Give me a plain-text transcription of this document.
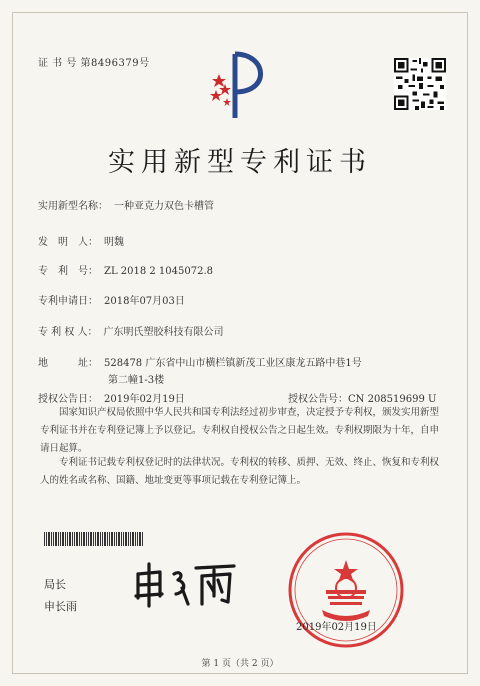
证 书 号 第8496379号
实用新型专利证书
实用新型名称： 一种亚克力双色卡槽管
发　明　人： 明魏
专　利　号： ZL 2018 2 1045072.8
专利申请日： 2018年07月03日
专 利 权 人： 广东明氏塑胶科技有限公司
地　　　址： 528478 广东省中山市横栏镇新茂工业区康龙五路中巷1号
第二幢1-3楼
授权公告日： 2019年02月19日	授权公告号：CN 208519699 U
国家知识产权局依照中华人民共和国专利法经过初步审查，决定授予专利权，颁发实用新型专利证书并在专利登记簿上予以登记。专利权自授权公告之日起生效。专利权期限为十年，自申请日起算。
专利证书记载专利权登记时的法律状况。专利权的转移、质押、无效、终止、恢复和专利权人的姓名或名称、国籍、地址变更等事项记载在专利登记簿上。
局长
申长雨
2019年02月19日
第 1 页（共 2 页）
